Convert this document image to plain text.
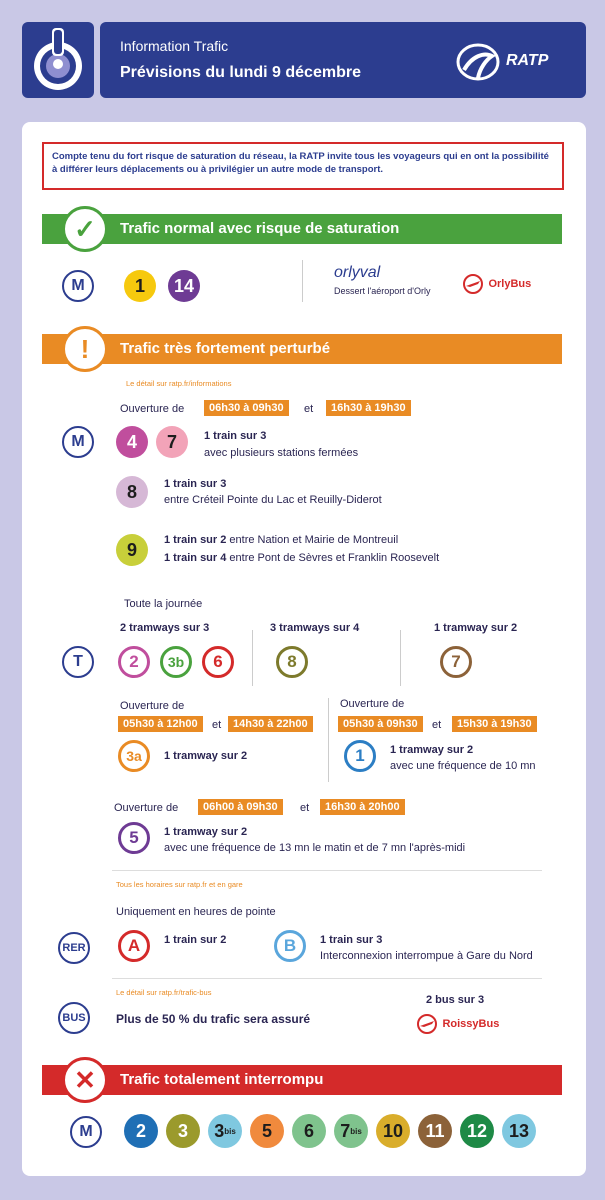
Information Trafic
Prévisions du lundi 9 décembre
RATP
Compte tenu du fort risque de saturation du réseau, la RATP invite tous les voyageurs qui en ont la possibilité à différer leurs déplacements ou à privilégier un autre mode de transport.
Trafic normal avec risque de saturation
✓
M	1	14
orlyval
Dessert l'aéroport d'Orly
OrlyBus
Trafic très fortement perturbé
!
Le détail sur ratp.fr/informations
Ouverture de	06h30 à 09h30	et	16h30 à 19h30
M	4	7	1 train sur 3
avec plusieurs stations fermées
8	1 train sur 3
entre Créteil Pointe du Lac et Reuilly-Diderot
9	1 train sur 2 entre Nation et Mairie de Montreuil
1 train sur 4 entre Pont de Sèvres et Franklin Roosevelt
Toute la journée
2 tramways sur 3	3 tramways sur 4	1 tramway sur 2
T	2	3b	6	8	7
Ouverture de
05h30 à 12h00	et	14h30 à 22h00
3a	1 tramway sur 2
Ouverture de
05h30 à 09h30	et	15h30 à 19h30
1	1 tramway sur 2
avec une fréquence de 10 mn
Ouverture de	06h00 à 09h30	et	16h30 à 20h00
5	1 tramway sur 2
avec une fréquence de 13 mn le matin et de 7 mn l'après-midi
Tous les horaires sur ratp.fr et en gare
Uniquement en heures de pointe
RER	A	1 train sur 2	B	1 train sur 3
Interconnexion interrompue à Gare du Nord
Le détail sur ratp.fr/trafic-bus
BUS	Plus de 50 % du trafic sera assuré
2 bus sur 3
RoissyBus
Trafic totalement interrompu
✕
M	2 3 3 bis 5 6 7 bis 10 11 12 13
